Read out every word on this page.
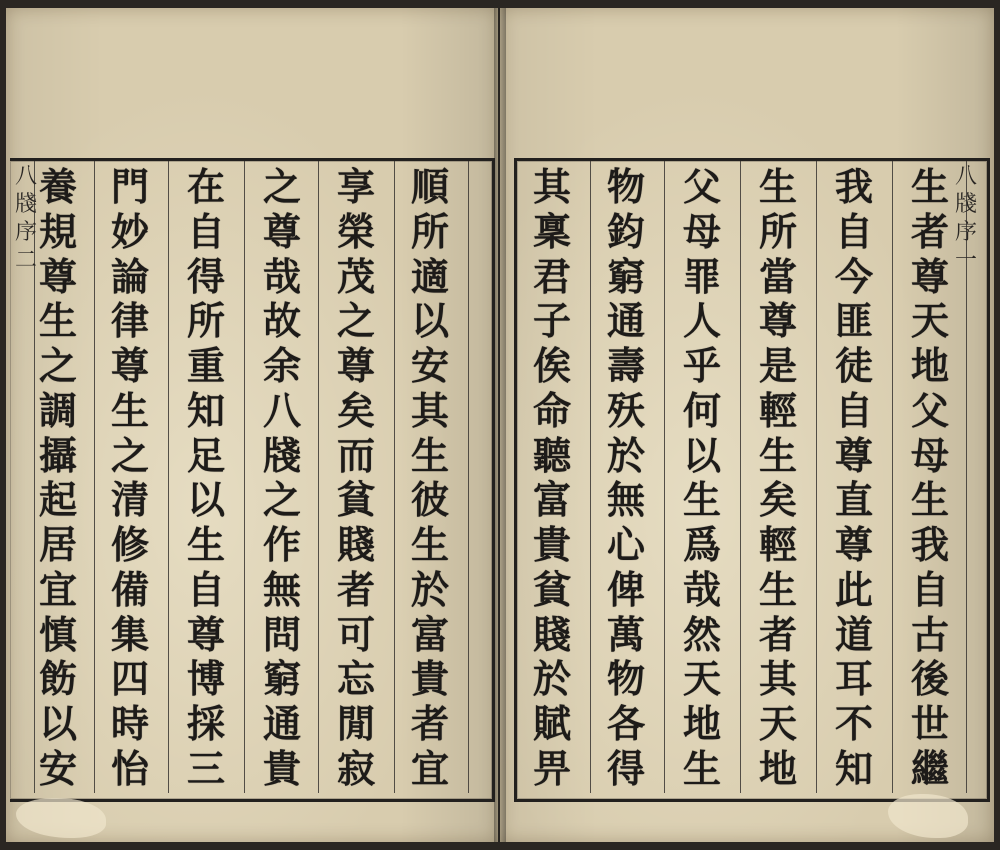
八
牋
序
二
八
牋
序
一
順
所
適
以
安
其
生
彼
生
於
富
貴
者
宜
享
榮
茂
之
尊
矣
而
貧
賤
者
可
忘
閒
寂
之
尊
哉
故
余
八
牋
之
作
無
問
窮
通
貴
在
自
得
所
重
知
足
以
生
自
尊
博
採
三
門
妙
論
律
尊
生
之
清
修
備
集
四
時
怡
養
規
尊
生
之
調
攝
起
居
宜
慎
飭
以
安
生
者
尊
天
地
父
母
生
我
自
古
後
世
繼
我
自
今
匪
徒
自
尊
直
尊
此
道
耳
不
知
生
所
當
尊
是
輕
生
矣
輕
生
者
其
天
地
父
母
罪
人
乎
何
以
生
爲
哉
然
天
地
生
物
鈞
窮
通
壽
殀
於
無
心
俾
萬
物
各
得
其
稟
君
子
俟
命
聽
富
貴
貧
賤
於
賦
畀
